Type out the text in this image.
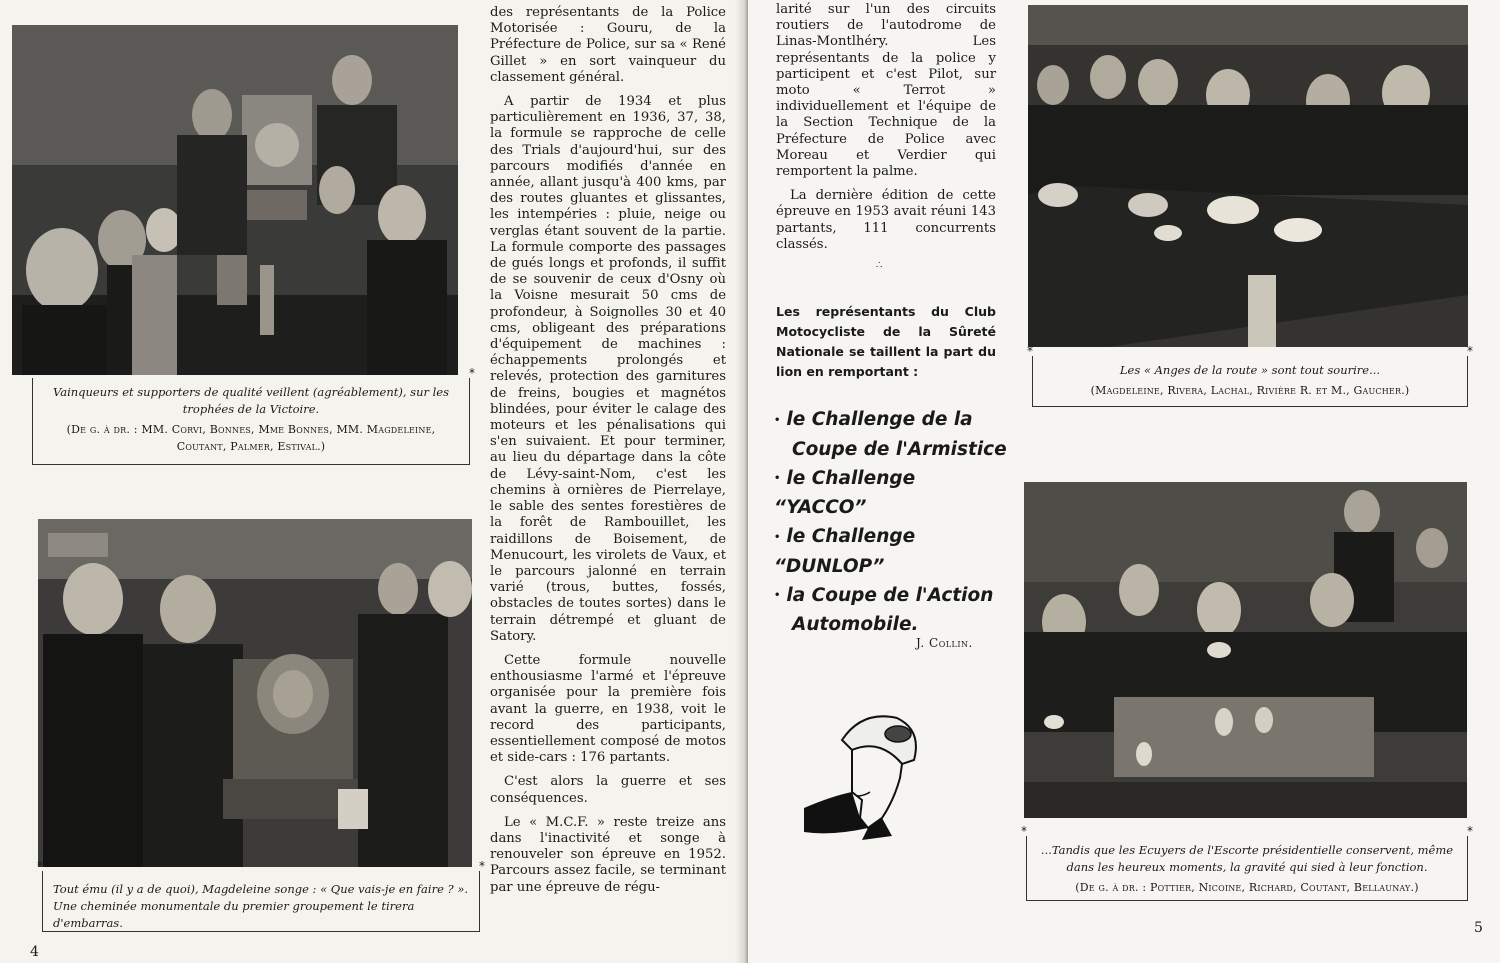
*	*
Vainqueurs et supporters de qualité veillent (agréablement), sur les trophées de la Victoire.
(De g. à dr. : MM. Corvi, Bonnes, Mme Bonnes, MM. Magdeleine, Coutant, Palmer, Estival.)
*	*
Tout ému (il y a de quoi), Magdeleine songe : « Que vais-je en faire ? ».
Une cheminée monumentale du premier groupement le tirera d'embarras.

des représentants de la Police Motorisée : Gouru, de la Préfecture de Police, sur sa « René Gillet » en sort vainqueur du classement général.

A partir de 1934 et plus particulièrement en 1936, 37, 38, la formule se rapproche de celle des Trials d'aujourd'hui, sur des parcours modifiés d'année en année, allant jusqu'à 400 kms, par des routes gluantes et glissantes, les intempéries : pluie, neige ou verglas étant souvent de la partie. La formule comporte des passages de gués longs et profonds, il suffit de se souvenir de ceux d'Osny où la Voisne mesurait 50 cms de profondeur, à Soignolles 30 et 40 cms, obligeant des préparations d'équipement de machines : échappements prolongés et relevés, protection des garnitures de freins, bougies et magnétos blindées, pour éviter le calage des moteurs et les pénalisations qui s'en suivaient. Et pour terminer, au lieu du départage dans la côte de Lévy-saint-Nom, c'est les chemins à ornières de Pierrelaye, le sable des sentes forestières de la forêt de Rambouillet, les raidillons de Boisement, de Menucourt, les virolets de Vaux, et le parcours jalonné en terrain varié (trous, buttes, fossés, obstacles de toutes sortes) dans le terrain détrempé et gluant de Satory.

Cette formule nouvelle enthousiasme l'armé et l'épreuve organisée pour la première fois avant la guerre, en 1938, voit le record des participants, essentiellement composé de motos et side-cars : 176 partants.

C'est alors la guerre et ses conséquences.

Le « M.C.F. » reste treize ans dans l'inactivité et songe à renouveler son épreuve en 1952. Parcours assez facile, se terminant par une épreuve de régu-

4

larité sur l'un des circuits routiers de l'autodrome de Linas-Montlhéry. Les représentants de la police y participent et c'est Pilot, sur moto « Terrot » individuellement et l'équipe de la Section Technique de la Préfecture de Police avec Moreau et Verdier qui remportent la palme.

La dernière édition de cette épreuve en 1953 avait réuni 143 partants, 111 concurrents classés.

∴
Les représentants du Club Motocycliste de la Sûreté Nationale se taillent la part du lion en remportant :
• le Challenge de la
Coupe de l'Armistice
• le Challenge “YACCO”
• le Challenge “DUNLOP”
• la Coupe de l'Action
Automobile.
J. Collin.
*	*
Les « Anges de la route » sont tout sourire...
(Magdeleine, Rivera, Lachal, Rivière R. et M., Gaucher.)
*	*
...Tandis que les Ecuyers de l'Escorte présidentielle conservent, même dans les heureux moments, la gravité qui sied à leur fonction.
(De g. à dr. : Pottier, Nicoine, Richard, Coutant, Bellaunay.)
5
